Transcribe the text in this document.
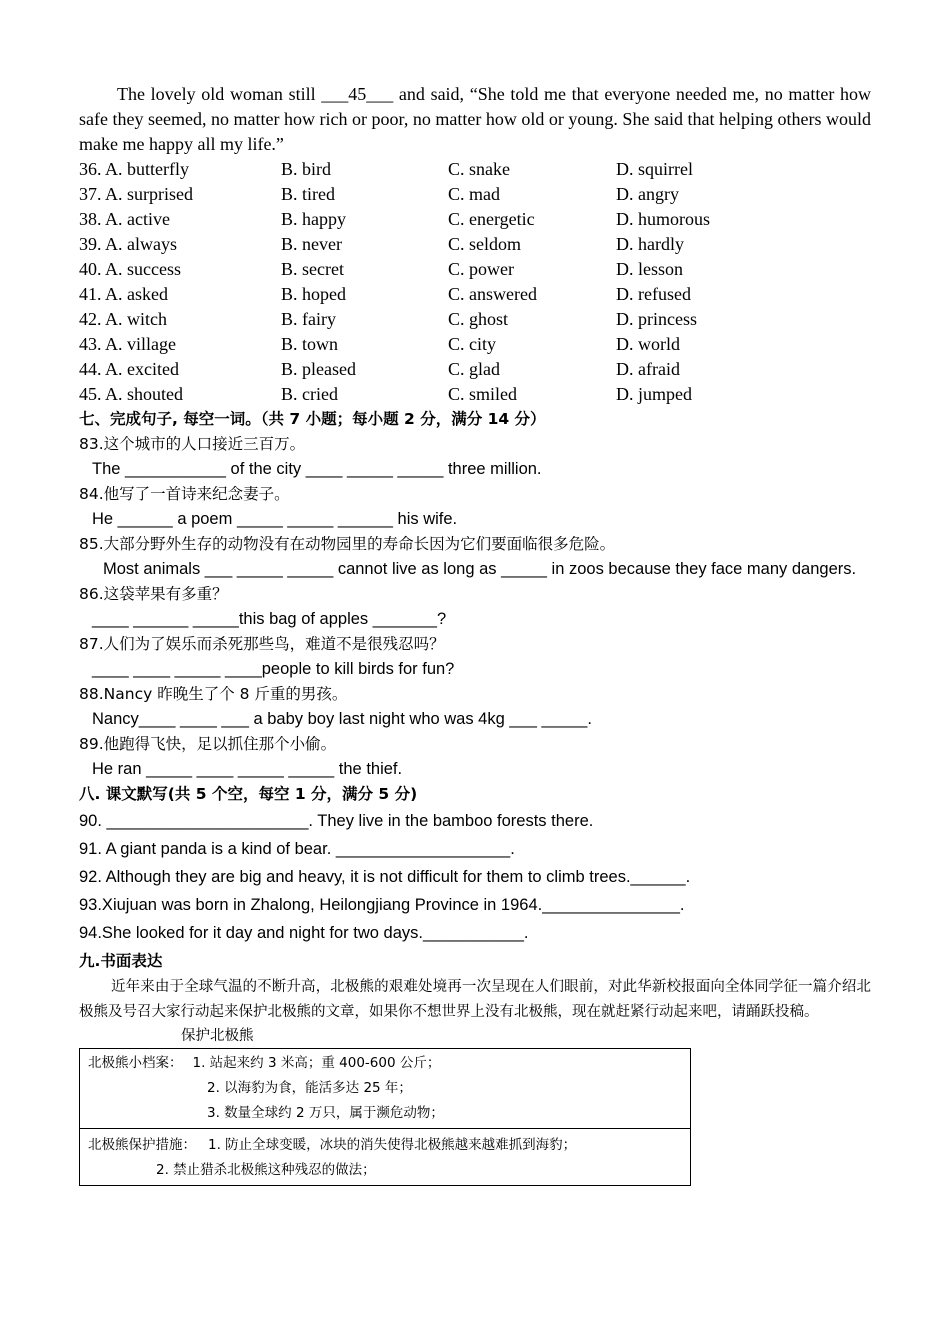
The lovely old woman still ___45___ and said, “She told me that everyone needed me, no matter how safe they seemed, no matter how rich or poor, no matter how old or young. She said that helping others would make me happy all my life.”

36. A. butterfly	B. bird	C. snake	D. squirrel
37. A. surprised	B. tired	C. mad	D. angry
38. A. active	B. happy	C. energetic	D. humorous
39. A. always	B. never	C. seldom	D. hardly
40. A. success	B. secret	C. power	D. lesson
41. A. asked	B. hoped	C. answered	D. refused
42. A. witch	B. fairy	C. ghost	D. princess
43. A. village	B. town	C. city	D. world
44. A. excited	B. pleased	C. glad	D. afraid
45. A. shouted	B. cried	C. smiled	D. jumped
七、完成句子, 每空一词。（共 7 小题；每小题 2 分，满分 14 分）
83.这个城市的人口接近三百万。
The ___________ of the city ____ _____ _____ three million.
84.他写了一首诗来纪念妻子。
He ______ a poem _____ _____ ______ his wife.
85.大部分野外生存的动物没有在动物园里的寿命长因为它们要面临很多危险。

Most animals ___ _____ _____ cannot live as long as _____ in zoos because they face many dangers.

86.这袋苹果有多重？
____ ______ _____this bag of apples _______?
87.人们为了娱乐而杀死那些鸟，难道不是很残忍吗？
____ ____ _____ ____people to kill birds for fun?
88.Nancy 昨晚生了个 8 斤重的男孩。
Nancy____ ____ ___ a baby boy last night who was 4kg ___ _____.
89.他跑得飞快，足以抓住那个小偷。
He ran _____ ____ _____ _____ the thief.
八. 课文默写(共 5 个空，每空 1 分，满分 5 分)
90. ______________________. They live in the bamboo forests there.
91. A giant panda is a kind of bear. ___________________.
92. Although they are big and heavy, it is not difficult for them to climb trees.______.
93.Xiujuan was born in Zhalong, Heilongjiang Province in 1964._______________.
94.She looked for it day and night for two days.___________.
九.书面表达

近年来由于全球气温的不断升高，北极熊的艰难处境再一次呈现在人们眼前，对此华新校报面向全体同学征一篇介绍北极熊及号召大家行动起来保护北极熊的文章，如果你不想世界上没有北极熊，现在就赶紧行动起来吧，请踊跃投稿。

保护北极熊
北极熊小档案： 1. 站起来约 3 米高；重 400-600 公斤；
2. 以海豹为食，能活多达 25 年；
3. 数量全球约 2 万只，属于濒危动物；
北极熊保护措施： 1. 防止全球变暖，冰块的消失使得北极熊越来越难抓到海豹；
2. 禁止猎杀北极熊这种残忍的做法；
